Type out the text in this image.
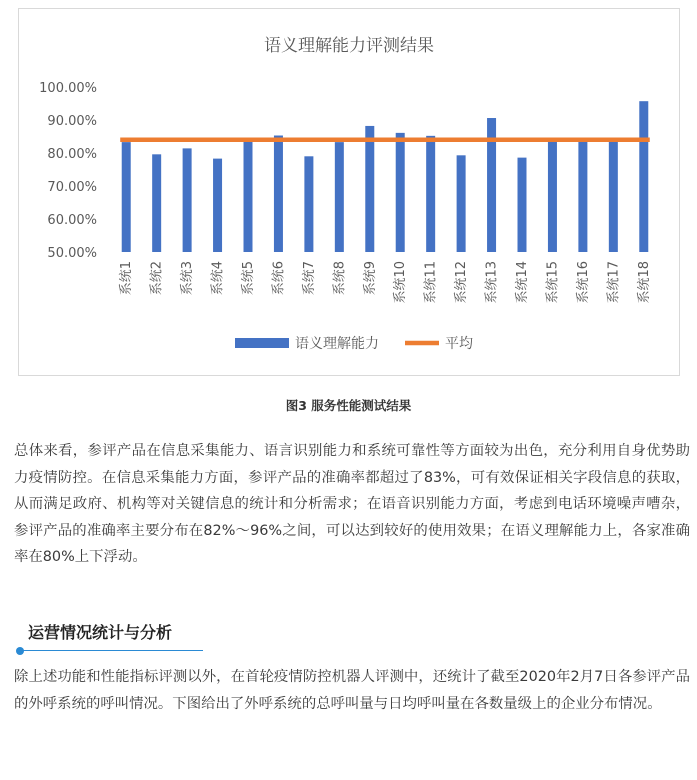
语义理解能力评测结果
100.00%
90.00%
80.00%
70.00%
60.00%
50.00%
系统1 系统2 系统3 系统4 系统5 系统6 系统7 系统8 系统9 系统10 系统11 系统12 系统13 系统14 系统15 系统16 系统17 系统18
语义理解能力	平均
图3 服务性能测试结果

总体来看，参评产品在信息采集能力、语言识别能力和系统可靠性等方面较为出色，充分利用自身优势助力疫情防控。在信息采集能力方面，参评产品的准确率都超过了83%，可有效保证相关字段信息的获取，从而满足政府、机构等对关键信息的统计和分析需求；在语音识别能力方面，考虑到电话环境噪声嘈杂，参评产品的准确率主要分布在82%～96%之间，可以达到较好的使用效果；在语义理解能力上，各家准确率在80%上下浮动。

运营情况统计与分析

除上述功能和性能指标评测以外，在首轮疫情防控机器人评测中，还统计了截至2020年2月7日各参评产品的外呼系统的呼叫情况。下图给出了外呼系统的总呼叫量与日均呼叫量在各数量级上的企业分布情况。
